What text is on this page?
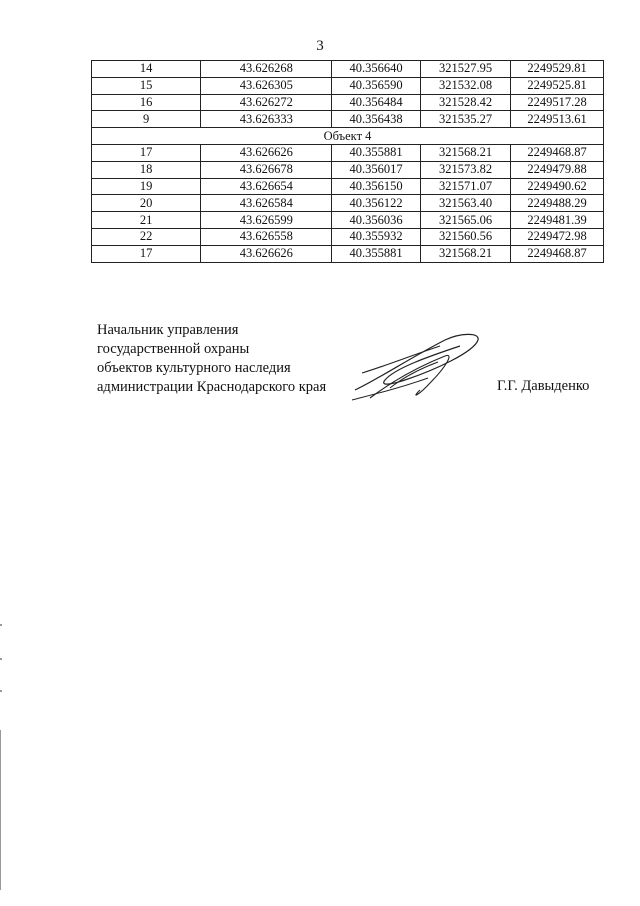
3
14	43.626268	40.356640	321527.95	2249529.81
15	43.626305	40.356590	321532.08	2249525.81
16	43.626272	40.356484	321528.42	2249517.28
9	43.626333	40.356438	321535.27	2249513.61
Объект 4				
17	43.626626	40.355881	321568.21	2249468.87
18	43.626678	40.356017	321573.82	2249479.88
19	43.626654	40.356150	321571.07	2249490.62
20	43.626584	40.356122	321563.40	2249488.29
21	43.626599	40.356036	321565.06	2249481.39
22	43.626558	40.355932	321560.56	2249472.98
17	43.626626	40.355881	321568.21	2249468.87
Начальник управления
государственной охраны
объектов культурного наследия
администрации Краснодарского края	Г.Г. Давыденко
